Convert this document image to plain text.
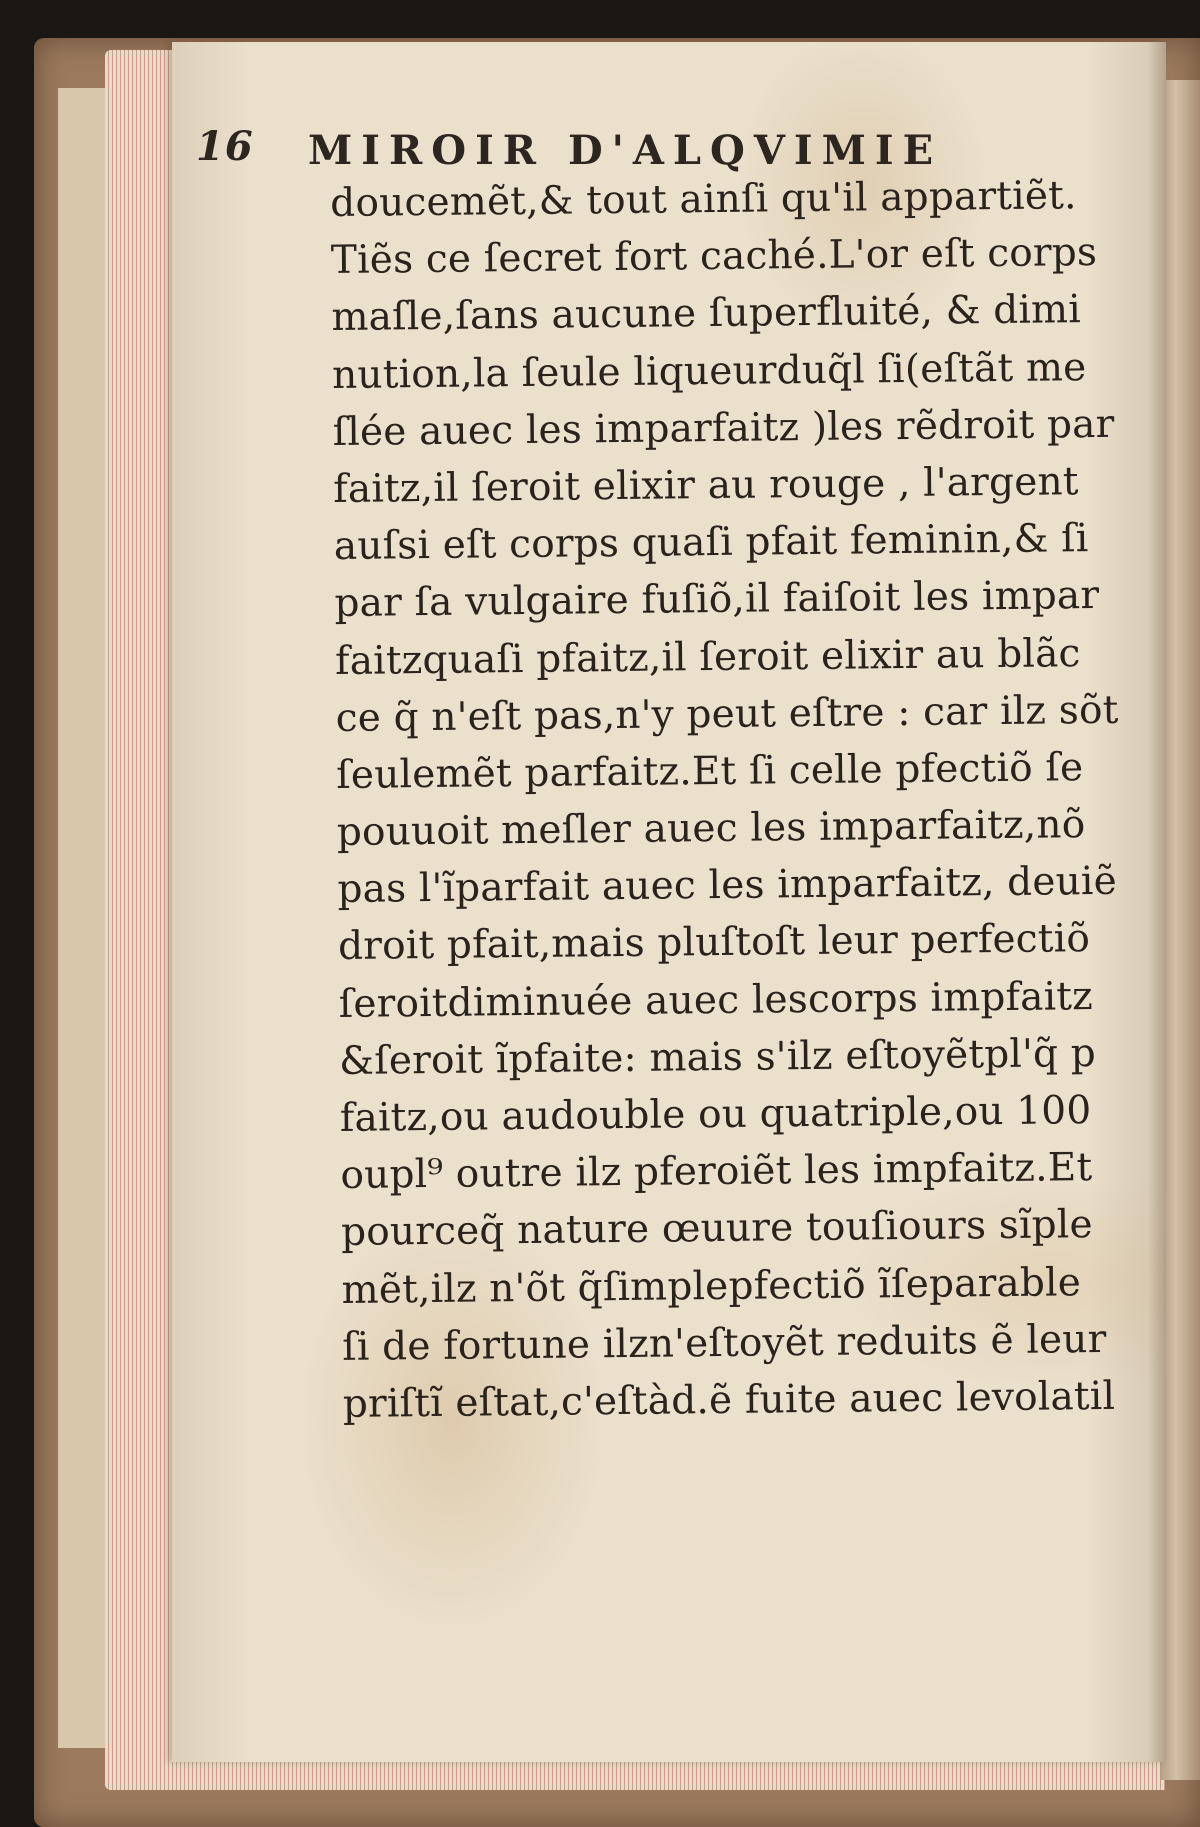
16 MIROIR D'ALQVIMIE
doucemẽt,& tout ainſi qu'il appartiẽt.
Tiẽs ce ſecret fort caché.L'or eſt corps
maſle,ſans aucune ſuperfluité, & dimi
nution,la ſeule liqueurduq̃l ſi(eſtãt me
ſlée auec les imparfaitz )les rẽdroit par
faitz,il ſeroit elixir au rouge , l'argent
auſsi eſt corps quaſi pfait feminin,& ſi
par ſa vulgaire fuſiõ,il faiſoit les impar
faitzquaſi pfaitz,il ſeroit elixir au blãc
ce q̃ n'eſt pas,n'y peut eſtre : car ilz sõt
ſeulemẽt parfaitz.Et ſi celle pfectiõ ſe
pouuoit meſler auec les imparfaitz,nõ
pas l'ĩparfait auec les imparfaitz, deuiẽ
droit pfait,mais pluſtoſt leur perfectiõ
ſeroitdiminuée auec lescorps impfaitz
&ſeroit ĩpfaite: mais s'ilz eſtoyẽtpl'q̃ p
faitz,ou audouble ou quatriple,ou 100
oupl⁹ outre ilz pferoiẽt les impfaitz.Et
pourceq̃ nature œuure touſiours sĩple
mẽt,ilz n'õt q̃ſimplepfectiõ ĩſeparable
ſi de fortune ilzn'eſtoyẽt reduits ẽ leur
priſtĩ eſtat,c'eſtàd.ẽ fuite auec levolatil
